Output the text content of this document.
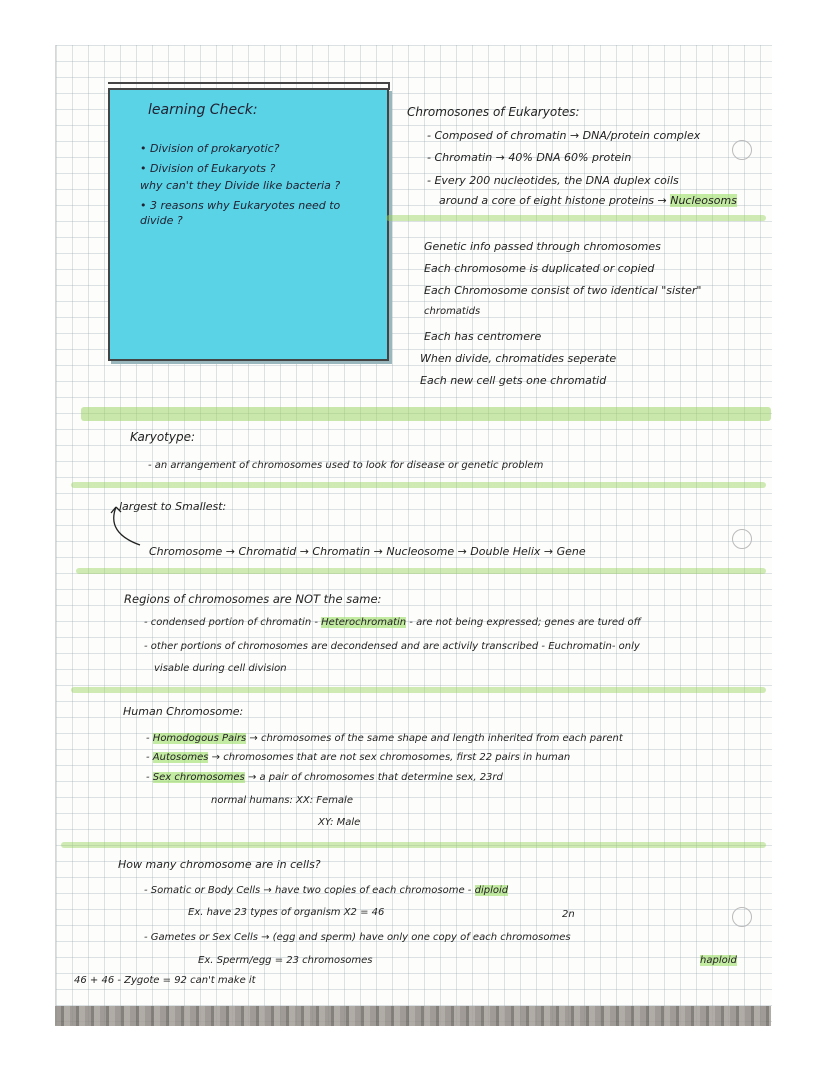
learning Check:
• Division of prokaryotic?
• Division of Eukaryots ?
why can't they Divide like bacteria ?
• 3 reasons why Eukaryotes need to
divide ?

Chromosones of Eukaryotes:

- Composed of chromatin → DNA/protein complex

- Chromatin → 40% DNA 60% protein

- Every 200 nucleotides, the DNA duplex coils

around a core of eight histone proteins → Nucleosoms

Genetic info passed through chromosomes

Each chromosome is duplicated or copied

Each Chromosome consist of two identical "sister"

chromatids

Each has centromere

When divide, chromatides seperate

Each new cell gets one chromatid

Karyotype:

- an arrangement of chromosomes used to look for disease or genetic problem

largest to Smallest:

Chromosome → Chromatid → Chromatin → Nucleosome → Double Helix → Gene

Regions of chromosomes are NOT the same:

- condensed portion of chromatin - Heterochromatin - are not being expressed; genes are tured off

- other portions of chromosomes are decondensed and are activily transcribed - Euchromatin- only

visable during cell division

Human Chromosome:

- Homodogous Pairs → chromosomes of the same shape and length inherited from each parent

- Autosomes → chromosomes that are not sex chromosomes, first 22 pairs in human

- Sex chromosomes → a pair of chromosomes that determine sex, 23rd

normal humans: XX: Female

XY: Male

How many chromosome are in cells?

- Somatic or Body Cells → have two copies of each chromosome - diploid

Ex. have 23 types of organism X2 = 46	2n

- Gametes or Sex Cells → (egg and sperm) have only one copy of each chromosomes

Ex. Sperm/egg = 23 chromosomes	haploid

46 + 46 - Zygote = 92 can't make it
